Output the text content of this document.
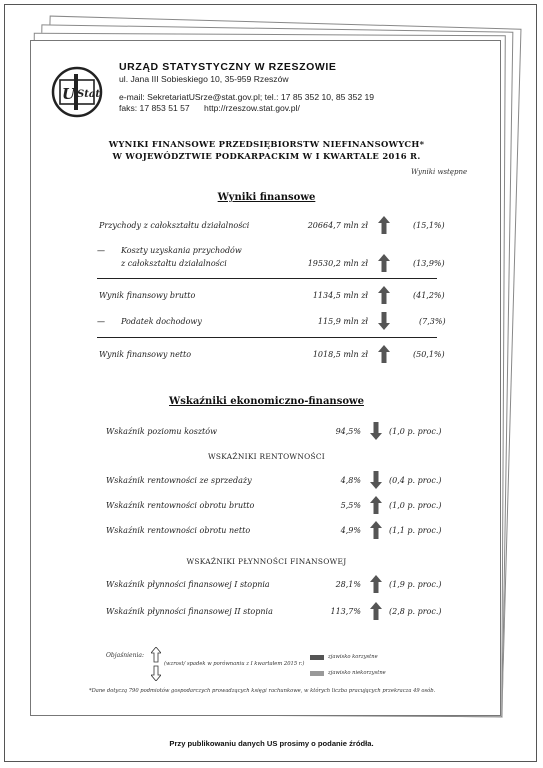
U Stat
URZĄD STATYSTYCZNY W RZESZOWIE
ul. Jana III Sobieskiego 10, 35-959 Rzeszów
e-mail: SekretariatUSrze@stat.gov.pl; tel.: 17 85 352 10, 85 352 19
faks: 17 853 51 57      http://rzeszow.stat.gov.pl/
WYNIKI FINANSOWE PRZEDSIĘBIORSTW NIEFINANSOWYCH*
W WOJEWÓDZTWIE PODKARPACKIM W I KWARTALE 2016 R.
Wyniki wstępne
Wyniki finansowe
Przychody z całokształtu działalności	20664,7 mln zł	(15,1%)
— Koszty uzyskania przychodów
z całokształtu działalności	19530,2 mln zł	(13,9%)
Wynik finansowy brutto	1134,5 mln zł	(41,2%)
— Podatek dochodowy	115,9 mln zł	(7,3%)
Wynik finansowy netto	1018,5 mln zł	(50,1%)
Wskaźniki ekonomiczno-finansowe
Wskaźnik poziomu kosztów	94,5%	(1,0 p. proc.)
WSKAŹNIKI RENTOWNOŚCI
Wskaźnik rentowności ze sprzedaży	4,8%	(0,4 p. proc.)
Wskaźnik rentowności obrotu brutto	5,5%	(1,0 p. proc.)
Wskaźnik rentowności obrotu netto	4,9%	(1,1 p. proc.)
WSKAŹNIKI PŁYNNOŚCI FINANSOWEJ
Wskaźnik płynności finansowej I stopnia	28,1%	(1,9 p. proc.)
Wskaźnik płynności finansowej II stopnia	113,7%	(2,8 p. proc.)
Objaśnienia:
(wzrost/ spadek w porównaniu z I kwartałem 2015 r.)
zjawisko korzystne
zjawisko niekorzystne
*Dane dotyczą 790 podmiotów gospodarczych prowadzących księgi rachunkowe, w których liczba pracujących przekracza 49 osób.
Przy publikowaniu danych US prosimy o podanie źródła.
